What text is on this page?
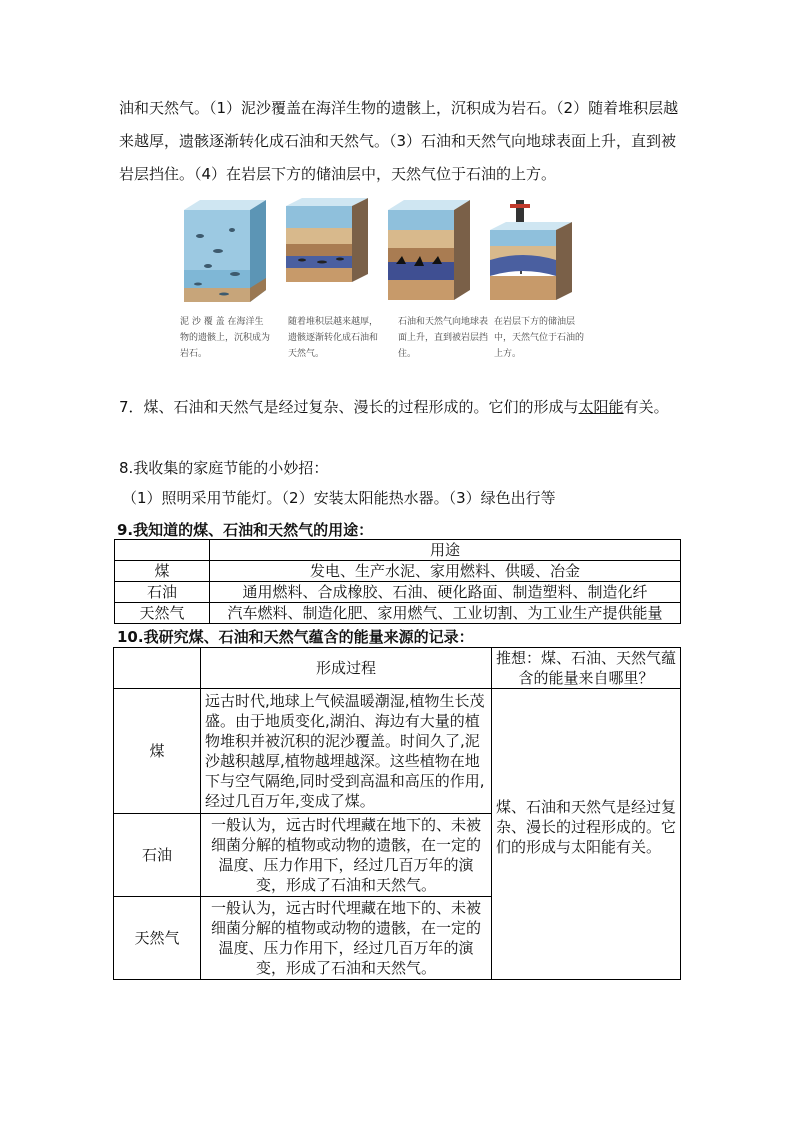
油和天然气。（1）泥沙覆盖在海洋生物的遗骸上，沉积成为岩石。（2）随着堆积层越来越厚，遗骸逐渐转化成石油和天然气。（3）石油和天然气向地球表面上升，直到被岩层挡住。（4）在岩层下方的储油层中，天然气位于石油的上方。
泥 沙 覆 盖 在海洋生物的遗骸上，沉积成为岩石。
随着堆积层越来越厚，遗骸逐渐转化成石油和天然气。
石油和天然气向地球表面上升，直到被岩层挡住。
在岩层下方的储油层中，天然气位于石油的上方。
7．煤、石油和天然气是经过复杂、漫长的过程形成的。它们的形成与太阳能有关。
8.我收集的家庭节能的小妙招：
（1）照明采用节能灯。（2）安装太阳能热水器。（3）绿色出行等
9.我知道的煤、石油和天然气的用途：
	用途
煤	发电、生产水泥、家用燃料、供暖、冶金
石油	通用燃料、合成橡胶、石油、硬化路面、制造塑料、制造化纤
天然气	汽车燃料、制造化肥、家用燃气、工业切割、为工业生产提供能量
10.我研究煤、石油和天然气蕴含的能量来源的记录：
	形成过程	推想：煤、石油、天然气蕴含的能量来自哪里？
煤	远古时代,地球上气候温暖潮湿,植物生长茂盛。由于地质变化,湖泊、海边有大量的植物堆积并被沉积的泥沙覆盖。时间久了,泥沙越积越厚,植物越埋越深。这些植物在地下与空气隔绝,同时受到高温和高压的作用,经过几百万年,变成了煤。	煤、石油和天然气是经过复杂、漫长的过程形成的。它们的形成与太阳能有关。
石油	一般认为，远古时代埋藏在地下的、未被细菌分解的植物或动物的遗骸，在一定的温度、压力作用下，经过几百万年的演变，形成了石油和天然气。	
天然气	一般认为，远古时代埋藏在地下的、未被细菌分解的植物或动物的遗骸，在一定的温度、压力作用下，经过几百万年的演变，形成了石油和天然气。	
